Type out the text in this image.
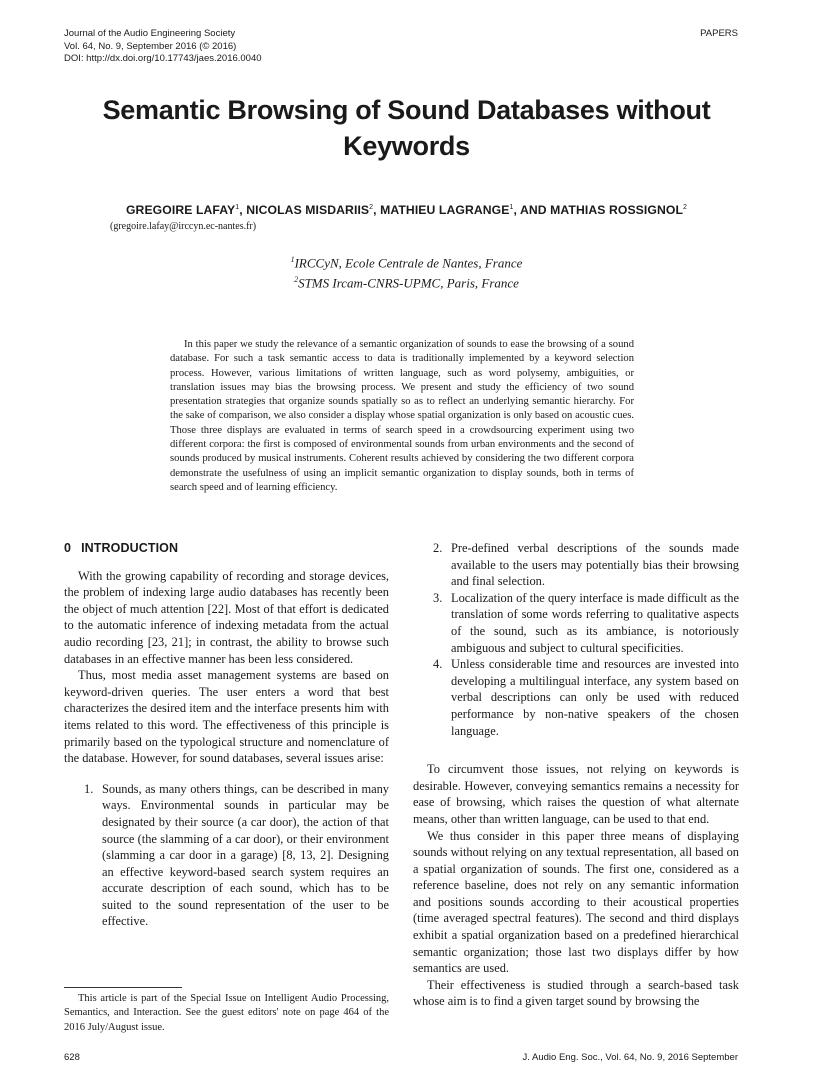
Journal of the Audio Engineering Society
Vol. 64, No. 9, September 2016 (© 2016)
DOI: http://dx.doi.org/10.17743/jaes.2016.0040
PAPERS
Semantic Browsing of Sound Databases without Keywords
GREGOIRE LAFAY$^1$, NICOLAS MISDARIIS$^2$, MATHIEU LAGRANGE$^1$, AND MATHIAS ROSSIGNOL$^2$
(gregoire.lafay@irccyn.ec-nantes.fr)
$^1$IRCCyN, Ecole Centrale de Nantes, France
$^2$STMS Ircam-CNRS-UPMC, Paris, France
In this paper we study the relevance of a semantic organization of sounds to ease the browsing of a sound database. For such a task semantic access to data is traditionally implemented by a keyword selection process. However, various limitations of written language, such as word polysemy, ambiguities, or translation issues may bias the browsing process. We present and study the efficiency of two sound presentation strategies that organize sounds spatially so as to reflect an underlying semantic hierarchy. For the sake of comparison, we also consider a display whose spatial organization is only based on acoustic cues. Those three displays are evaluated in terms of search speed in a crowdsourcing experiment using two different corpora: the first is composed of environmental sounds from urban environments and the second of sounds produced by musical instruments. Coherent results achieved by considering the two different corpora demonstrate the usefulness of using an implicit semantic organization to display sounds, both in terms of search speed and of learning efficiency.
0 INTRODUCTION

With the growing capability of recording and storage devices, the problem of indexing large audio databases has recently been the object of much attention [22]. Most of that effort is dedicated to the automatic inference of indexing metadata from the actual audio recording [23, 21]; in contrast, the ability to browse such databases in an effective manner has been less considered.

Thus, most media asset management systems are based on keyword-driven queries. The user enters a word that best characterizes the desired item and the interface presents him with items related to this word. The effectiveness of this principle is primarily based on the typological structure and nomenclature of the database. However, for sound databases, several issues arise:

1. Sounds, as many others things, can be described in many ways. Environmental sounds in particular may be designated by their source (a car door), the action of that source (the slamming of a car door), or their environment (slamming a car door in a garage) [8, 13, 2]. Designing an effective keyword-based search system requires an accurate description of each sound, which has to be suited to the sound representation of the user to be effective.
This article is part of the Special Issue on Intelligent Audio Processing, Semantics, and Interaction. See the guest editors' note on page 464 of the 2016 July/August issue.
2. Pre-defined verbal descriptions of the sounds made available to the users may potentially bias their browsing and final selection.
3. Localization of the query interface is made difficult as the translation of some words referring to qualitative aspects of the sound, such as its ambiance, is notoriously ambiguous and subject to cultural specificities.
4. Unless considerable time and resources are invested into developing a multilingual interface, any system based on verbal descriptions can only be used with reduced performance by non-native speakers of the chosen language.

To circumvent those issues, not relying on keywords is desirable. However, conveying semantics remains a necessity for ease of browsing, which raises the question of what alternate means, other than written language, can be used to that end.

We thus consider in this paper three means of displaying sounds without relying on any textual representation, all based on a spatial organization of sounds. The first one, considered as a reference baseline, does not rely on any semantic information and positions sounds according to their acoustical properties (time averaged spectral features). The second and third displays exhibit a spatial organization based on a predefined hierarchical semantic organization; those last two displays differ by how semantics are used.

Their effectiveness is studied through a search-based task whose aim is to find a given target sound by browsing the

628	J. Audio Eng. Soc., Vol. 64, No. 9, 2016 September
